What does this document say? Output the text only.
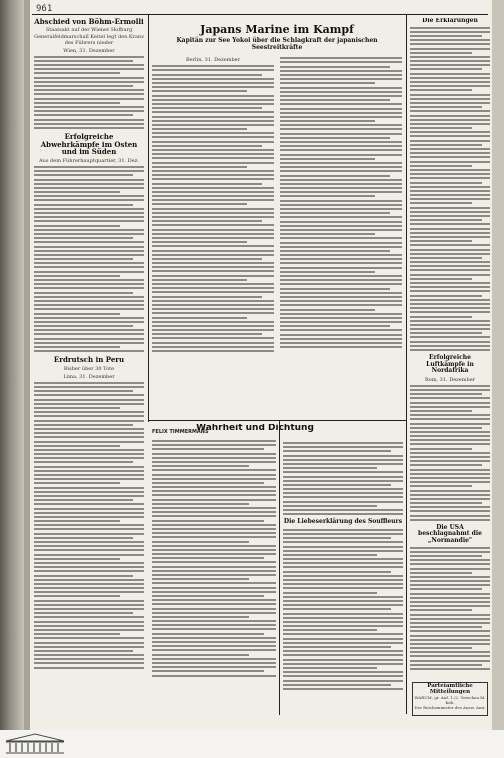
961

Abschied von Böhm-Ermolli

Staatsakt auf der Wiener Hofburg

Generalfeldmarschall Keitel legt den Kranz des Führers nieder

Wien, 31. Dezember

Erfolgreiche Abwehrkämpfe im Osten und im Süden

Aus dem Führerhauptquartier, 31. Dez.

Erdrutsch in Peru

Bisher über 30 Tote

Lima, 31. Dezember

Japans Marine im Kampf

Kapitän zur See Yokoi über die Schlagkraft der japanischen Seestreitkräfte

Berlin, 31. Dezember

FELIX TIMMERMANS

Wahrheit und Dichtung

Die Liebeserklärung des Souffleurs

Die Erklärungen

Erfolgreiche Luftkämpfe in Nordafrika

Rom, 31. Dezember

Die USA beschlagnahmt die „Normandie"

Parteiamtliche Mitteilungen
WARUM, gr. Auf. 1./2. Vorschau bl. Keh.
Der Reichsminister des Ausw. Amt.
